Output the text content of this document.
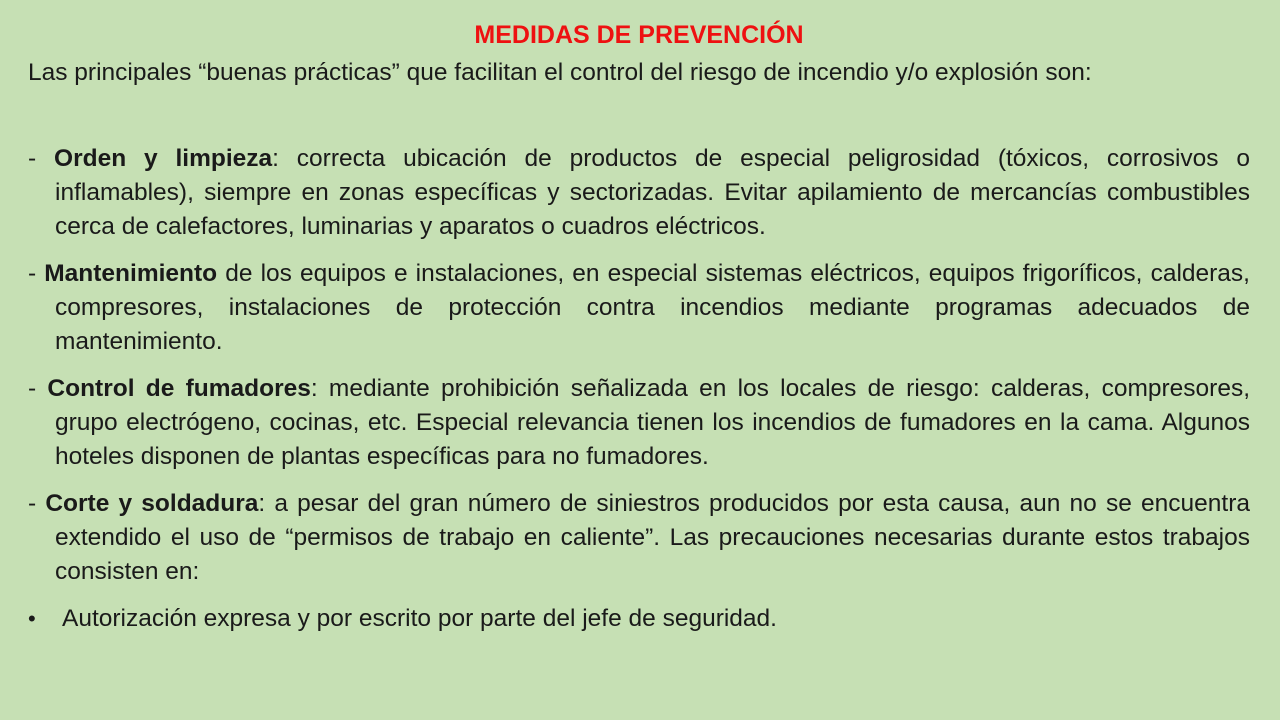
MEDIDAS DE PREVENCIÓN

Las principales “buenas prácticas” que facilitan el control del riesgo de incendio y/o explosión son:

- Orden y limpieza: correcta ubicación de productos de especial peligrosidad (tóxicos, corrosivos o inflamables), siempre en zonas específicas y sectorizadas. Evitar apilamiento de mercancías combustibles cerca de calefactores, luminarias y aparatos o cuadros eléctricos.

- Mantenimiento de los equipos e instalaciones, en especial sistemas eléctricos, equipos frigoríficos, calderas, compresores, instalaciones de protección contra incendios mediante programas adecuados de mantenimiento.

- Control de fumadores: mediante prohibición señalizada en los locales de riesgo: calderas, compresores, grupo electrógeno, cocinas, etc. Especial relevancia tienen los incendios de fumadores en la cama. Algunos hoteles disponen de plantas específicas para no fumadores.

- Corte y soldadura: a pesar del gran número de siniestros producidos por esta causa, aun no se encuentra extendido el uso de “permisos de trabajo en caliente”. Las precauciones necesarias durante estos trabajos consisten en:

•	Autorización expresa y por escrito por parte del jefe de seguridad.
